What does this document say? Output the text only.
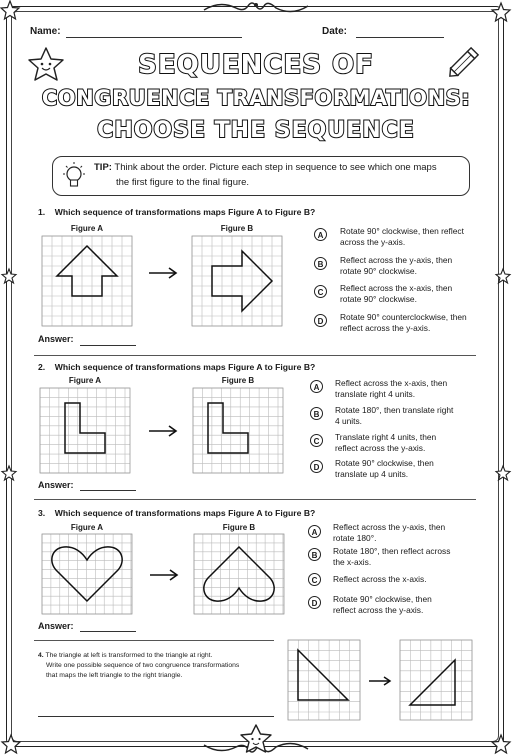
Name:	Date:
SEQUENCES OF
CONGRUENCE TRANSFORMATIONS:
CHOOSE THE SEQUENCE
TIP: Think about the order. Picture each step in sequence to see which one maps
the first figure to the final figure.
1. Which sequence of transformations maps Figure A to Figure B?
Figure A	Figure B
A	Rotate 90° clockwise, then reflect
across the y-axis.
B	Reflect across the y-axis, then
rotate 90° clockwise.
C	Reflect across the x-axis, then
rotate 90° clockwise.
D	Rotate 90° counterclockwise, then
reflect across the y-axis.
Answer:
2. Which sequence of transformations maps Figure A to Figure B?
Figure A	Figure B
A	Reflect across the x-axis, then
translate right 4 units.
B	Rotate 180°, then translate right
4 units.
C	Translate right 4 units, then
reflect across the y-axis.
D	Rotate 90° clockwise, then
translate up 4 units.
Answer:
3. Which sequence of transformations maps Figure A to Figure B?
Figure A	Figure B
A
Reflect across the y-axis, then
rotate 180°.
B	Rotate 180°, then reflect across
the x-axis.
C	Reflect across the x-axis.
D	Rotate 90° clockwise, then
reflect across the y-axis.
Answer:
4. The triangle at left is transformed to the triangle at right.
Write one possible sequence of two congruence transformations
that maps the left triangle to the right triangle.
